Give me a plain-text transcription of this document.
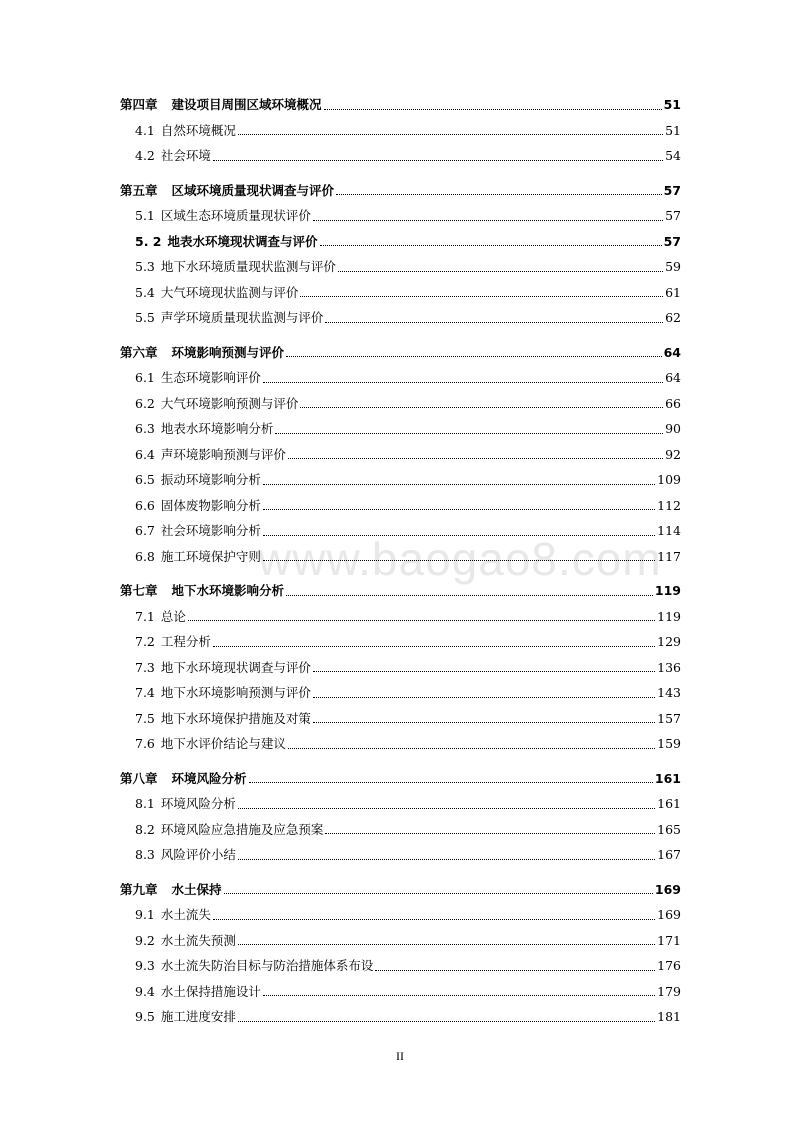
www.baogao8.com
第四章 建设项目周围区域环境概况	51
4.1 自然环境概况	51
4.2 社会环境	54
第五章 区域环境质量现状调查与评价	57
5.1 区域生态环境质量现状评价	57
5. 2 地表水环境现状调查与评价	57
5.3 地下水环境质量现状监测与评价	59
5.4 大气环境现状监测与评价	61
5.5 声学环境质量现状监测与评价	62
第六章 环境影响预测与评价	64
6.1 生态环境影响评价	64
6.2 大气环境影响预测与评价	66
6.3 地表水环境影响分析	90
6.4 声环境影响预测与评价	92
6.5 振动环境影响分析	109
6.6 固体废物影响分析	112
6.7 社会环境影响分析	114
6.8 施工环境保护守则	117
第七章 地下水环境影响分析	119
7.1 总论	119
7.2 工程分析	129
7.3 地下水环境现状调查与评价	136
7.4 地下水环境影响预测与评价	143
7.5 地下水环境保护措施及对策	157
7.6 地下水评价结论与建议	159
第八章 环境风险分析	161
8.1 环境风险分析	161
8.2 环境风险应急措施及应急预案	165
8.3 风险评价小结	167
第九章 水土保持	169
9.1 水土流失	169
9.2 水土流失预测	171
9.3 水土流失防治目标与防治措施体系布设	176
9.4 水土保持措施设计	179
9.5 施工进度安排	181
II
